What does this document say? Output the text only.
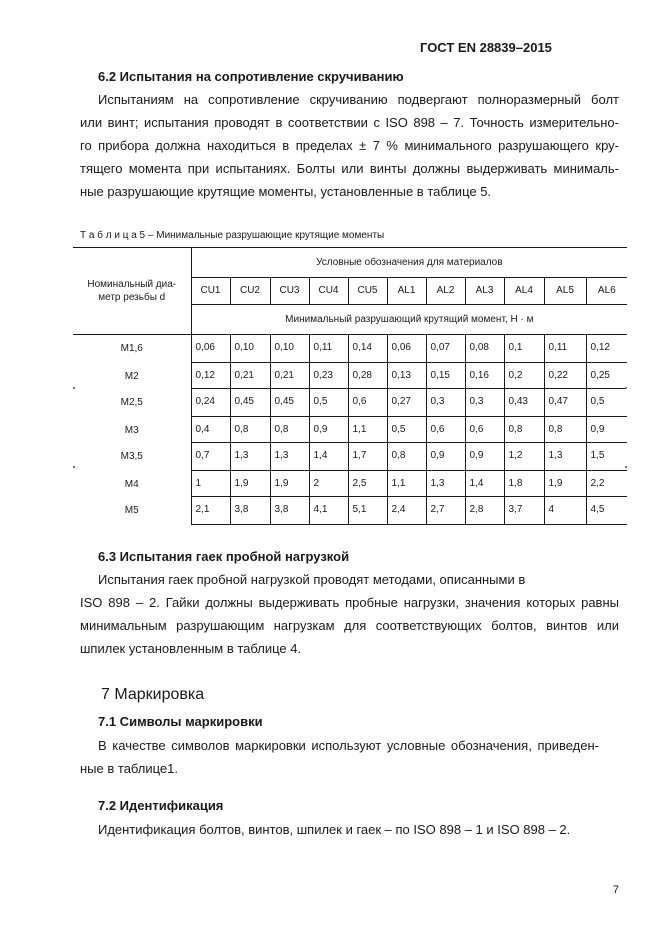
ГОСТ EN 28839–2015
6.2 Испытания на сопротивление скручиванию
Испытаниям на сопротивление скручиванию подвергают полноразмерный болт
или винт; испытания проводят в соответствии с ISO 898 – 7. Точность измерительно-
го прибора должна находиться в пределах ± 7 % минимального разрушающего кру-
тящего момента при испытаниях. Болты или винты должны выдерживать минималь-
ные разрушающие крутящие моменты, установленные в таблице 5.
Т а б л и ц а 5 – Минимальные разрушающие крутящие моменты
Номинальный диа-
метр резьбы d	Условные обозначения для материалов										
	CU1	CU2	CU3	CU4	CU5	AL1	AL2	AL3	AL4	AL5	AL6
	Минимальный разрушающий крутящий момент, Н · м										
М1,6	0,06	0,10	0,10	0,11	0,14	0,06	0,07	0,08	0,1	0,11	0,12
М2	0,12	0,21	0,21	0,23	0,28	0,13	0,15	0,16	0,2	0,22	0,25
М2,5	0,24	0,45	0,45	0,5	0,6	0,27	0,3	0,3	0,43	0,47	0,5
М3	0,4	0,8	0,8	0,9	1,1	0,5	0,6	0,6	0,8	0,8	0,9
М3,5	0,7	1,3	1,3	1,4	1,7	0,8	0,9	0,9	1,2	1,3	1,5
М4	1	1,9	1,9	2	2,5	1,1	1,3	1,4	1,8	1,9	2,2
М5	2,1	3,8	3,8	4,1	5,1	2,4	2,7	2,8	3,7	4	4,5
6.3 Испытания гаек пробной нагрузкой
Испытания гаек пробной нагрузкой проводят методами, описанными в
ISO 898 – 2. Гайки должны выдерживать пробные нагрузки, значения которых равны
минимальным разрушающим нагрузкам для соответствующих болтов, винтов или
шпилек установленным в таблице 4.
7 Маркировка
7.1 Символы маркировки
В качестве символов маркировки используют условные обозначения, приведен-
ные в таблице1.
7.2 Идентификация
Идентификация болтов, винтов, шпилек и гаек – по ISO 898 – 1 и ISO 898 – 2.
7
